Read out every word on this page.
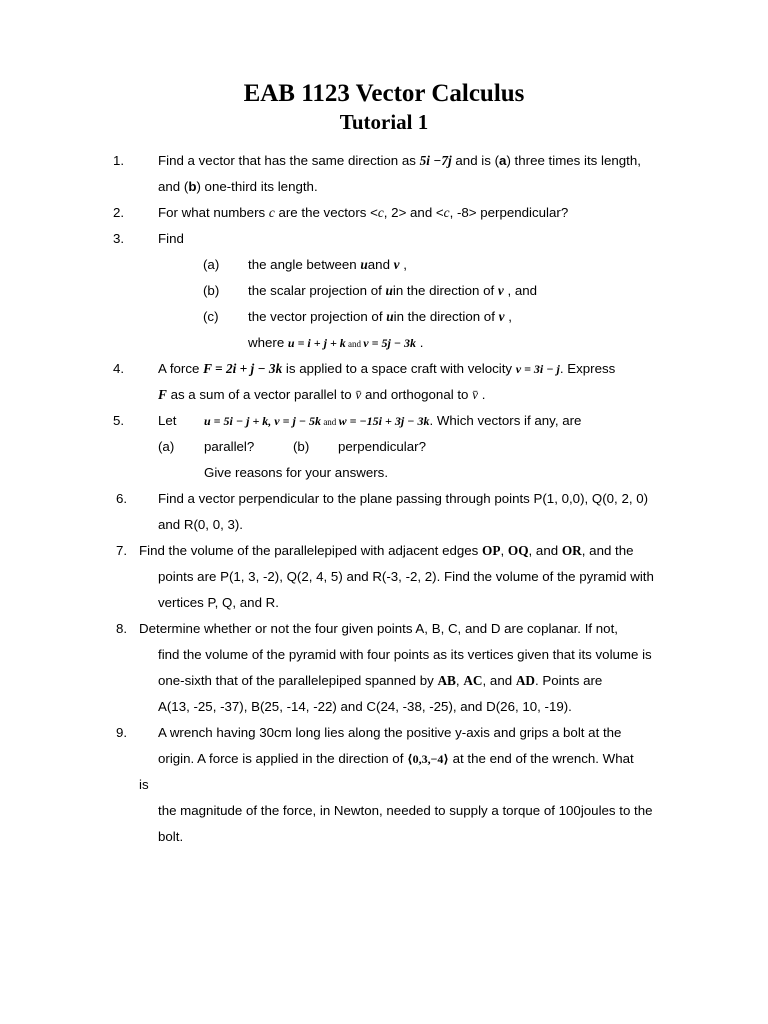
EAB 1123 Vector Calculus
Tutorial 1
1.	Find a vector that has the same direction as 5i −7j and is (a) three times its length,
and (b) one-third its length.
2.	For what numbers c are the vectors <c, 2> and <c, -8> perpendicular?
3.	Find
(a) the angle between uand v ,
(b) the scalar projection of uin the direction of v , and
(c) the vector projection of uin the direction of v ,
where u = i + j + k and v = 5j − 3k .
4.	A force F = 2i + j − 3k is applied to a space craft with velocity v = 3i − j. Express
F as a sum of a vector parallel to v̄ and orthogonal to v̄ .
5.	Let u = 5i − j + k, v = j − 5k and w = −15i + 3j − 3k. Which vectors if any, are
(a) parallel?	(b) perpendicular?
Give reasons for your answers.
6. Find a vector perpendicular to the plane passing through points P(1, 0,0), Q(0, 2, 0)
and R(0, 0, 3).
7. Find the volume of the parallelepiped with adjacent edges OP, OQ, and OR, and the
points are P(1, 3, -2), Q(2, 4, 5) and R(-3, -2, 2). Find the volume of the pyramid with
vertices P, Q, and R.
8. Determine whether or not the four given points A, B, C, and D are coplanar. If not,
find the volume of the pyramid with four points as its vertices given that its volume is
one-sixth that of the parallelepiped spanned by AB, AC, and AD. Points are
A(13, -25, -37), B(25, -14, -22) and C(24, -38, -25), and D(26, 10, -19).
9. A wrench having 30cm long lies along the positive y-axis and grips a bolt at the
origin. A force is applied in the direction of ⟨0,3,−4⟩ at the end of the wrench. What
is
the magnitude of the force, in Newton, needed to supply a torque of 100joules to the
bolt.
